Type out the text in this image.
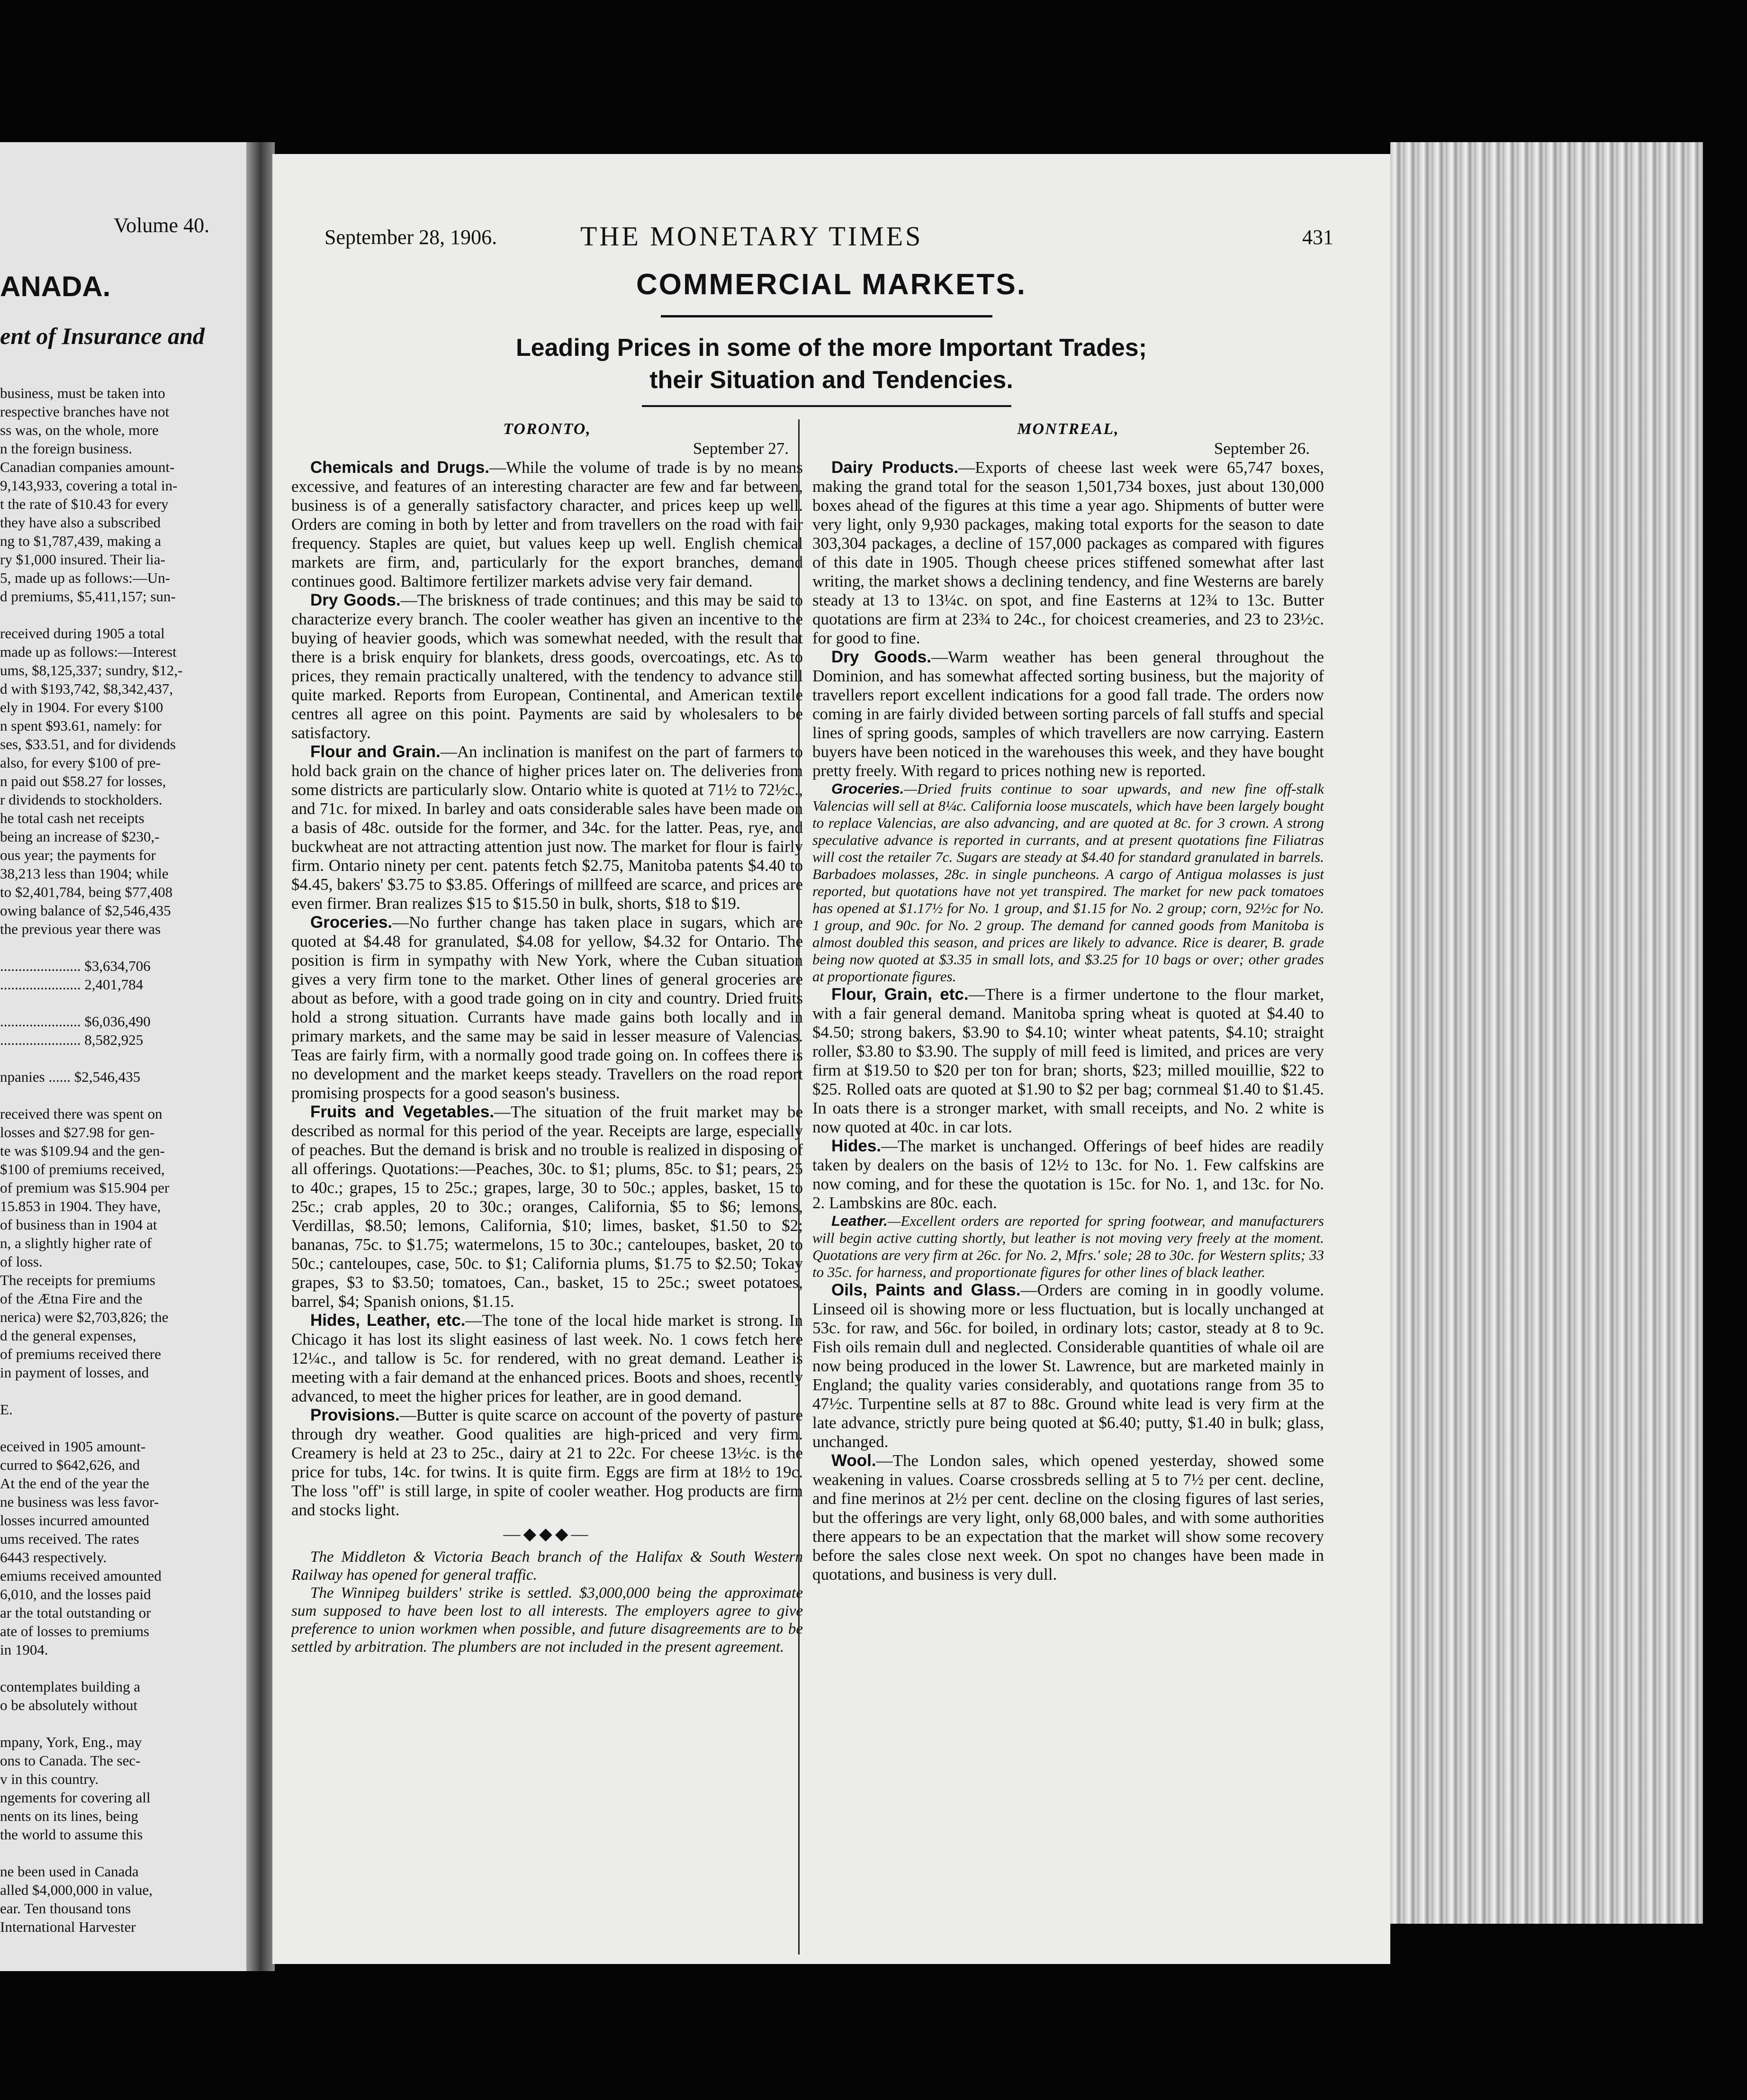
Volume 40.
ANADA.
ent of Insurance and
business, must be taken into
respective branches have not
ss was, on the whole, more
n the foreign business.
Canadian companies amount-
9,143,933, covering a total in-
t the rate of $10.43 for every
they have also a subscribed
ng to $1,787,439, making a
ry $1,000 insured. Their lia-
5, made up as follows:—Un-
d premiums, $5,411,157; sun-

received during 1905 a total
made up as follows:—Interest
ums, $8,125,337; sundry, $12,-
d with $193,742, $8,342,437,
ely in 1904. For every $100
n spent $93.61, namely: for
ses, $33.51, and for dividends
also, for every $100 of pre-
n paid out $58.27 for losses,
r dividends to stockholders.
he total cash net receipts
being an increase of $230,-
ous year; the payments for
38,213 less than 1904; while
to $2,401,784, being $77,408
owing balance of $2,546,435
the previous year there was

...................... $3,634,706
...................... 2,401,784

...................... $6,036,490
...................... 8,582,925

npanies ...... $2,546,435

received there was spent on
losses and $27.98 for gen-
te was $109.94 and the gen-
$100 of premiums received,
of premium was $15.904 per
15.853 in 1904. They have,
of business than in 1904 at
n, a slightly higher rate of
of loss.
The receipts for premiums
of the Ætna Fire and the
nerica) were $2,703,826; the
d the general expenses,
of premiums received there
in payment of losses, and

E.

eceived in 1905 amount-
curred to $642,626, and
At the end of the year the
ne business was less favor-
losses incurred amounted
ums received. The rates
6443 respectively.
emiums received amounted
6,010, and the losses paid
ar the total outstanding or
ate of losses to premiums
in 1904.

contemplates building a
o be absolutely without

mpany, York, Eng., may
ons to Canada. The sec-
v in this country.
ngements for covering all
nents on its lines, being
the world to assume this

ne been used in Canada
alled $4,000,000 in value,
ear. Ten thousand tons
International Harvester
September 28, 1906.	THE MONETARY TIMES	431
COMMERCIAL MARKETS.
Leading Prices in some of the more Important Trades;
their Situation and Tendencies.
TORONTO,
September 27.

Chemicals and Drugs.—While the volume of trade is by no means excessive, and features of an interesting character are few and far between, business is of a generally satisfactory character, and prices keep up well. Orders are coming in both by letter and from travellers on the road with fair frequency. Staples are quiet, but values keep up well. English chemical markets are firm, and, particularly for the export branches, demand continues good. Baltimore fertilizer markets advise very fair demand.

Dry Goods.—The briskness of trade continues; and this may be said to characterize every branch. The cooler weather has given an incentive to the buying of heavier goods, which was somewhat needed, with the result that there is a brisk enquiry for blankets, dress goods, overcoatings, etc. As to prices, they remain practically unaltered, with the tendency to advance still quite marked. Reports from European, Continental, and American textile centres all agree on this point. Payments are said by wholesalers to be satisfactory.

Flour and Grain.—An inclination is manifest on the part of farmers to hold back grain on the chance of higher prices later on. The deliveries from some districts are particularly slow. Ontario white is quoted at 71½ to 72½c., and 71c. for mixed. In barley and oats considerable sales have been made on a basis of 48c. outside for the former, and 34c. for the latter. Peas, rye, and buckwheat are not attracting attention just now. The market for flour is fairly firm. Ontario ninety per cent. patents fetch $2.75, Manitoba patents $4.40 to $4.45, bakers' $3.75 to $3.85. Offerings of millfeed are scarce, and prices are even firmer. Bran realizes $15 to $15.50 in bulk, shorts, $18 to $19.

Groceries.—No further change has taken place in sugars, which are quoted at $4.48 for granulated, $4.08 for yellow, $4.32 for Ontario. The position is firm in sympathy with New York, where the Cuban situation gives a very firm tone to the market. Other lines of general groceries are about as before, with a good trade going on in city and country. Dried fruits hold a strong situation. Currants have made gains both locally and in primary markets, and the same may be said in lesser measure of Valencias. Teas are fairly firm, with a normally good trade going on. In coffees there is no development and the market keeps steady. Travellers on the road report promising prospects for a good season's business.

Fruits and Vegetables.—The situation of the fruit market may be described as normal for this period of the year. Receipts are large, especially of peaches. But the demand is brisk and no trouble is realized in disposing of all offerings. Quotations:—Peaches, 30c. to $1; plums, 85c. to $1; pears, 25 to 40c.; grapes, 15 to 25c.; grapes, large, 30 to 50c.; apples, basket, 15 to 25c.; crab apples, 20 to 30c.; oranges, California, $5 to $6; lemons, Verdillas, $8.50; lemons, California, $10; limes, basket, $1.50 to $2; bananas, 75c. to $1.75; watermelons, 15 to 30c.; canteloupes, basket, 20 to 50c.; canteloupes, case, 50c. to $1; California plums, $1.75 to $2.50; Tokay grapes, $3 to $3.50; tomatoes, Can., basket, 15 to 25c.; sweet potatoes, barrel, $4; Spanish onions, $1.15.

Hides, Leather, etc.—The tone of the local hide market is strong. In Chicago it has lost its slight easiness of last week. No. 1 cows fetch here 12¼c., and tallow is 5c. for rendered, with no great demand. Leather is meeting with a fair demand at the enhanced prices. Boots and shoes, recently advanced, to meet the higher prices for leather, are in good demand.

Provisions.—Butter is quite scarce on account of the poverty of pasture through dry weather. Good qualities are high-priced and very firm. Creamery is held at 23 to 25c., dairy at 21 to 22c. For cheese 13½c. is the price for tubs, 14c. for twins. It is quite firm. Eggs are firm at 18½ to 19c. The loss "off" is still large, in spite of cooler weather. Hog products are firm and stocks light.

—◆◆◆—

The Middleton & Victoria Beach branch of the Halifax & South Western Railway has opened for general traffic.

The Winnipeg builders' strike is settled. $3,000,000 being the approximate sum supposed to have been lost to all interests. The employers agree to give preference to union workmen when possible, and future disagreements are to be settled by arbitration. The plumbers are not included in the present agreement.

MONTREAL,
September 26.

Dairy Products.—Exports of cheese last week were 65,747 boxes, making the grand total for the season 1,501,734 boxes, just about 130,000 boxes ahead of the figures at this time a year ago. Shipments of butter were very light, only 9,930 packages, making total exports for the season to date 303,304 packages, a decline of 157,000 packages as compared with figures of this date in 1905. Though cheese prices stiffened somewhat after last writing, the market shows a declining tendency, and fine Westerns are barely steady at 13 to 13¼c. on spot, and fine Easterns at 12¾ to 13c. Butter quotations are firm at 23¾ to 24c., for choicest creameries, and 23 to 23½c. for good to fine.

Dry Goods.—Warm weather has been general throughout the Dominion, and has somewhat affected sorting business, but the majority of travellers report excellent indications for a good fall trade. The orders now coming in are fairly divided between sorting parcels of fall stuffs and special lines of spring goods, samples of which travellers are now carrying. Eastern buyers have been noticed in the warehouses this week, and they have bought pretty freely. With regard to prices nothing new is reported.

Groceries.—Dried fruits continue to soar upwards, and new fine off-stalk Valencias will sell at 8¼c. California loose muscatels, which have been largely bought to replace Valencias, are also advancing, and are quoted at 8c. for 3 crown. A strong speculative advance is reported in currants, and at present quotations fine Filiatras will cost the retailer 7c. Sugars are steady at $4.40 for standard granulated in barrels. Barbadoes molasses, 28c. in single puncheons. A cargo of Antigua molasses is just reported, but quotations have not yet transpired. The market for new pack tomatoes has opened at $1.17½ for No. 1 group, and $1.15 for No. 2 group; corn, 92½c for No. 1 group, and 90c. for No. 2 group. The demand for canned goods from Manitoba is almost doubled this season, and prices are likely to advance. Rice is dearer, B. grade being now quoted at $3.35 in small lots, and $3.25 for 10 bags or over; other grades at proportionate figures.

Flour, Grain, etc.—There is a firmer undertone to the flour market, with a fair general demand. Manitoba spring wheat is quoted at $4.40 to $4.50; strong bakers, $3.90 to $4.10; winter wheat patents, $4.10; straight roller, $3.80 to $3.90. The supply of mill feed is limited, and prices are very firm at $19.50 to $20 per ton for bran; shorts, $23; milled mouillie, $22 to $25. Rolled oats are quoted at $1.90 to $2 per bag; cornmeal $1.40 to $1.45. In oats there is a stronger market, with small receipts, and No. 2 white is now quoted at 40c. in car lots.

Hides.—The market is unchanged. Offerings of beef hides are readily taken by dealers on the basis of 12½ to 13c. for No. 1. Few calfskins are now coming, and for these the quotation is 15c. for No. 1, and 13c. for No. 2. Lambskins are 80c. each.

Leather.—Excellent orders are reported for spring footwear, and manufacturers will begin active cutting shortly, but leather is not moving very freely at the moment. Quotations are very firm at 26c. for No. 2, Mfrs.' sole; 28 to 30c. for Western splits; 33 to 35c. for harness, and proportionate figures for other lines of black leather.

Oils, Paints and Glass.—Orders are coming in in goodly volume. Linseed oil is showing more or less fluctuation, but is locally unchanged at 53c. for raw, and 56c. for boiled, in ordinary lots; castor, steady at 8 to 9c. Fish oils remain dull and neglected. Considerable quantities of whale oil are now being produced in the lower St. Lawrence, but are marketed mainly in England; the quality varies considerably, and quotations range from 35 to 47½c. Turpentine sells at 87 to 88c. Ground white lead is very firm at the late advance, strictly pure being quoted at $6.40; putty, $1.40 in bulk; glass, unchanged.

Wool.—The London sales, which opened yesterday, showed some weakening in values. Coarse crossbreds selling at 5 to 7½ per cent. decline, and fine merinos at 2½ per cent. decline on the closing figures of last series, but the offerings are very light, only 68,000 bales, and with some authorities there appears to be an expectation that the market will show some recovery before the sales close next week. On spot no changes have been made in quotations, and business is very dull.
